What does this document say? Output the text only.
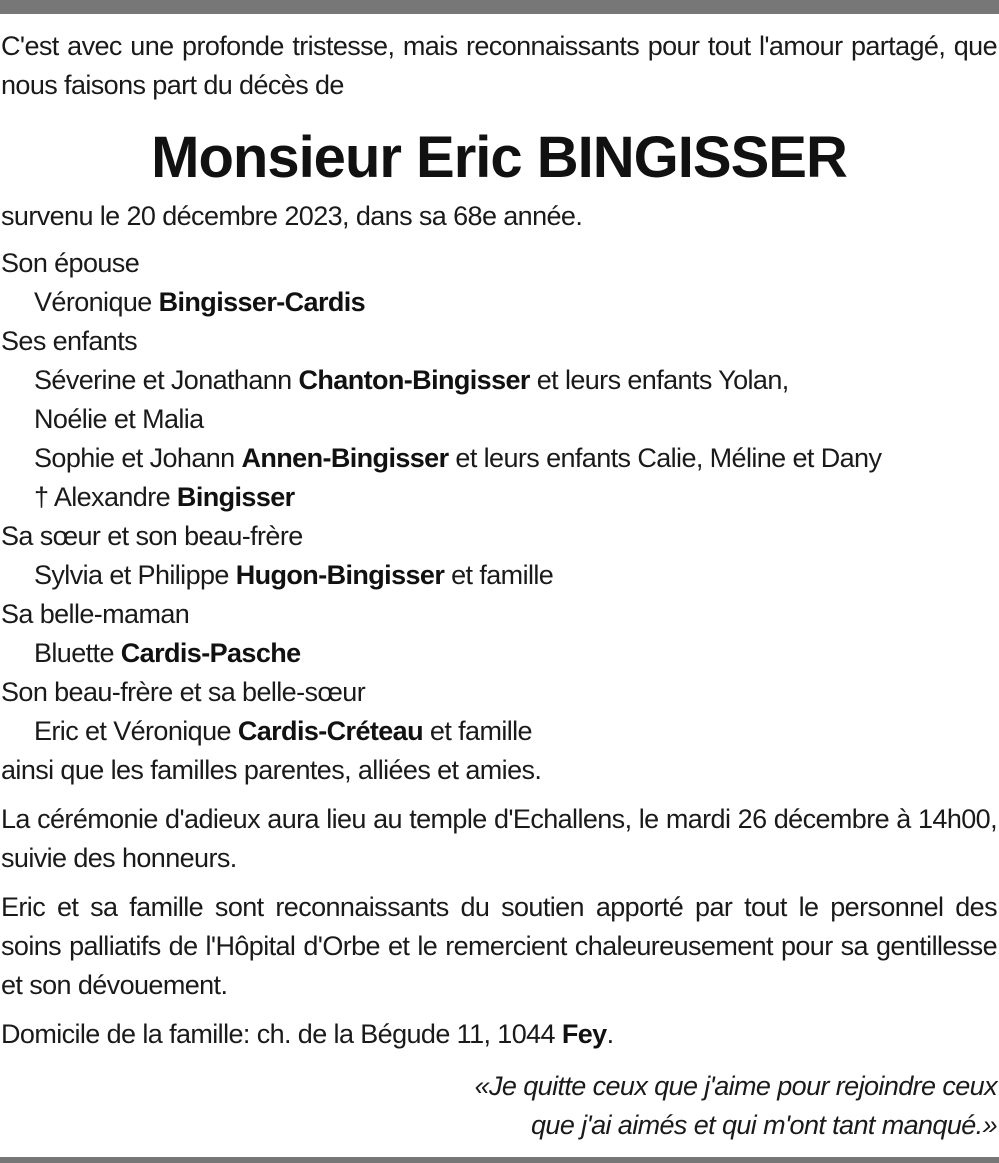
C'est avec une profonde tristesse, mais reconnaissants pour tout l'amour partagé, que nous faisons part du décès de

Monsieur Eric BINGISSER

survenu le 20 décembre 2023, dans sa 68e année.

Son épouse
Véronique Bingisser-Cardis
Ses enfants
Séverine et Jonathann Chanton-Bingisser et leurs enfants Yolan,
Noélie et Malia
Sophie et Johann Annen-Bingisser et leurs enfants Calie, Méline et Dany
† Alexandre Bingisser
Sa sœur et son beau-frère
Sylvia et Philippe Hugon-Bingisser et famille
Sa belle-maman
Bluette Cardis-Pasche
Son beau-frère et sa belle-sœur
Eric et Véronique Cardis-Créteau et famille
ainsi que les familles parentes, alliées et amies.

La cérémonie d'adieux aura lieu au temple d'Echallens, le mardi 26 décembre à 14h00, suivie des honneurs.

Eric et sa famille sont reconnaissants du soutien apporté par tout le personnel des soins palliatifs de l'Hôpital d'Orbe et le remercient chaleureusement pour sa gentillesse et son dévouement.

Domicile de la famille: ch. de la Bégude 11, 1044 Fey.

«Je quitte ceux que j'aime pour rejoindre ceux
que j'ai aimés et qui m'ont tant manqué.»
